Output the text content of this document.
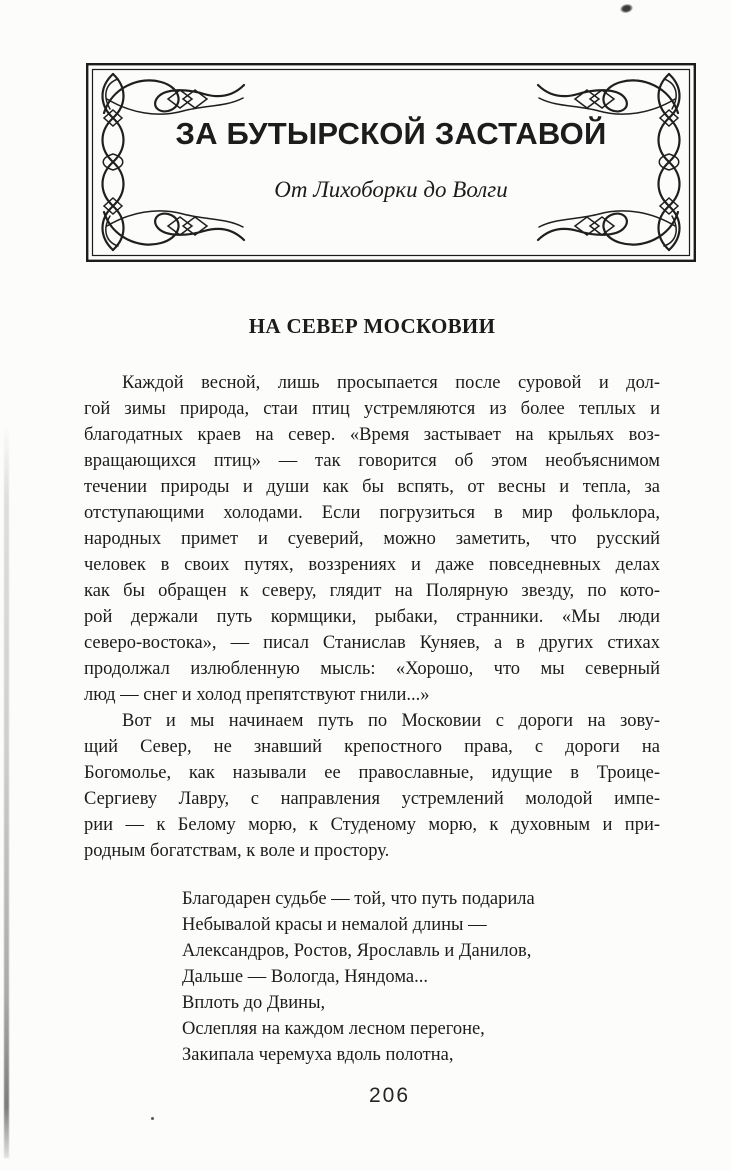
ЗА БУТЫРСКОЙ ЗАСТАВОЙ
От Лихоборки до Волги
НА СЕВЕР МОСКОВИИ
Каждой весной, лишь просыпается после суровой и дол-
гой зимы природа, стаи птиц устремляются из более теплых и
благодатных краев на север. «Время застывает на крыльях воз-
вращающихся птиц» — так говорится об этом необъяснимом
течении природы и души как бы вспять, от весны и тепла, за
отступающими холодами. Если погрузиться в мир фольклора,
народных примет и суеверий, можно заметить, что русский
человек в своих путях, воззрениях и даже повседневных делах
как бы обращен к северу, глядит на Полярную звезду, по кото-
рой держали путь кормщики, рыбаки, странники. «Мы люди
северо-востока», — писал Станислав Куняев, а в других стихах
продолжал излюбленную мысль: «Хорошо, что мы северный
люд — снег и холод препятствуют гнили...»
Вот и мы начинаем путь по Московии с дороги на зову-
щий Север, не знавший крепостного права, с дороги на
Богомолье, как называли ее православные, идущие в Троице-
Сергиеву Лавру, с направления устремлений молодой импе-
рии — к Белому морю, к Студеному морю, к духовным и при-
родным богатствам, к воле и простору.
Благодарен судьбе — той, что путь подарила
Небывалой красы и немалой длины —
Александров, Ростов, Ярославль и Данилов,
Дальше — Вологда, Няндома...
Вплоть до Двины,
Ослепляя на каждом лесном перегоне,
Закипала черемуха вдоль полотна,
206
